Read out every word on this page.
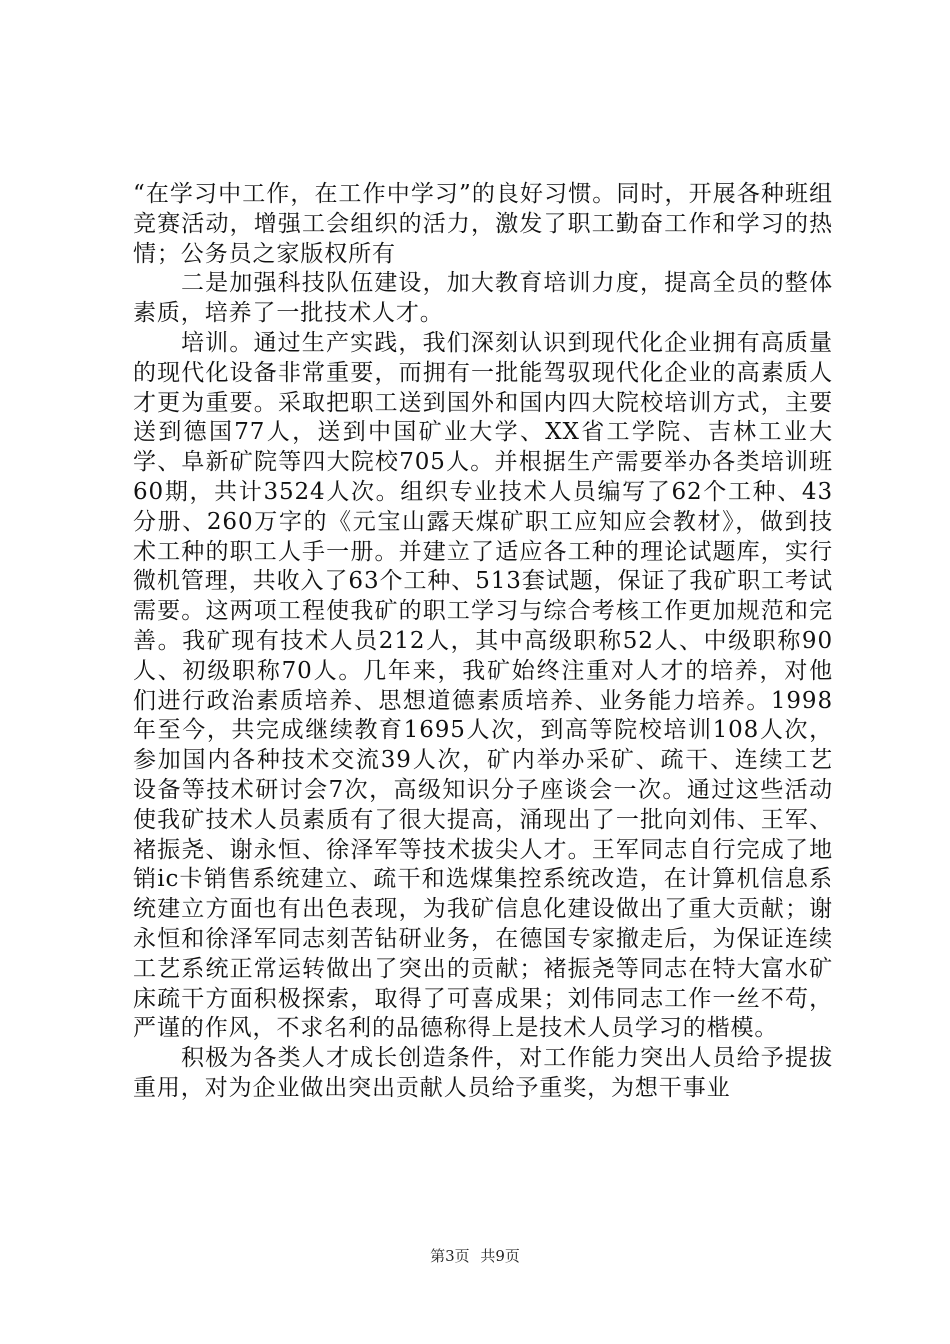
“在学习中工作，在工作中学习”的良好习惯。同时，开展各种班组竞赛活动，增强工会组织的活力，激发了职工勤奋工作和学习的热情；公务员之家版权所有

二是加强科技队伍建设，加大教育培训力度，提高全员的整体素质，培养了一批技术人才。

培训。通过生产实践，我们深刻认识到现代化企业拥有高质量的现代化设备非常重要，而拥有一批能驾驭现代化企业的高素质人才更为重要。采取把职工送到国外和国内四大院校培训方式，主要送到德国77人，送到中国矿业大学、XX省工学院、吉林工业大学、阜新矿院等四大院校705人。并根据生产需要举办各类培训班60期，共计3524人次。组织专业技术人员编写了62个工种、43分册、260万字的《元宝山露天煤矿职工应知应会教材》，做到技术工种的职工人手一册。并建立了适应各工种的理论试题库，实行微机管理，共收入了63个工种、513套试题，保证了我矿职工考试需要。这两项工程使我矿的职工学习与综合考核工作更加规范和完善。我矿现有技术人员212人，其中高级职称52人、中级职称90人、初级职称70人。几年来，我矿始终注重对人才的培养，对他们进行政治素质培养、思想道德素质培养、业务能力培养。1998年至今，共完成继续教育1695人次，到高等院校培训108人次，参加国内各种技术交流39人次，矿内举办采矿、疏干、连续工艺设备等技术研讨会7次，高级知识分子座谈会一次。通过这些活动使我矿技术人员素质有了很大提高，涌现出了一批向刘伟、王军、褚振尧、谢永恒、徐泽军等技术拔尖人才。王军同志自行完成了地销ic卡销售系统建立、疏干和选煤集控系统改造，在计算机信息系统建立方面也有出色表现，为我矿信息化建设做出了重大贡献；谢永恒和徐泽军同志刻苦钻研业务，在德国专家撤走后，为保证连续工艺系统正常运转做出了突出的贡献；褚振尧等同志在特大富水矿床疏干方面积极探索，取得了可喜成果；刘伟同志工作一丝不苟，严谨的作风，不求名利的品德称得上是技术人员学习的楷模。

积极为各类人才成长创造条件，对工作能力突出人员给予提拔重用，对为企业做出突出贡献人员给予重奖，为想干事业

第3页 共9页
